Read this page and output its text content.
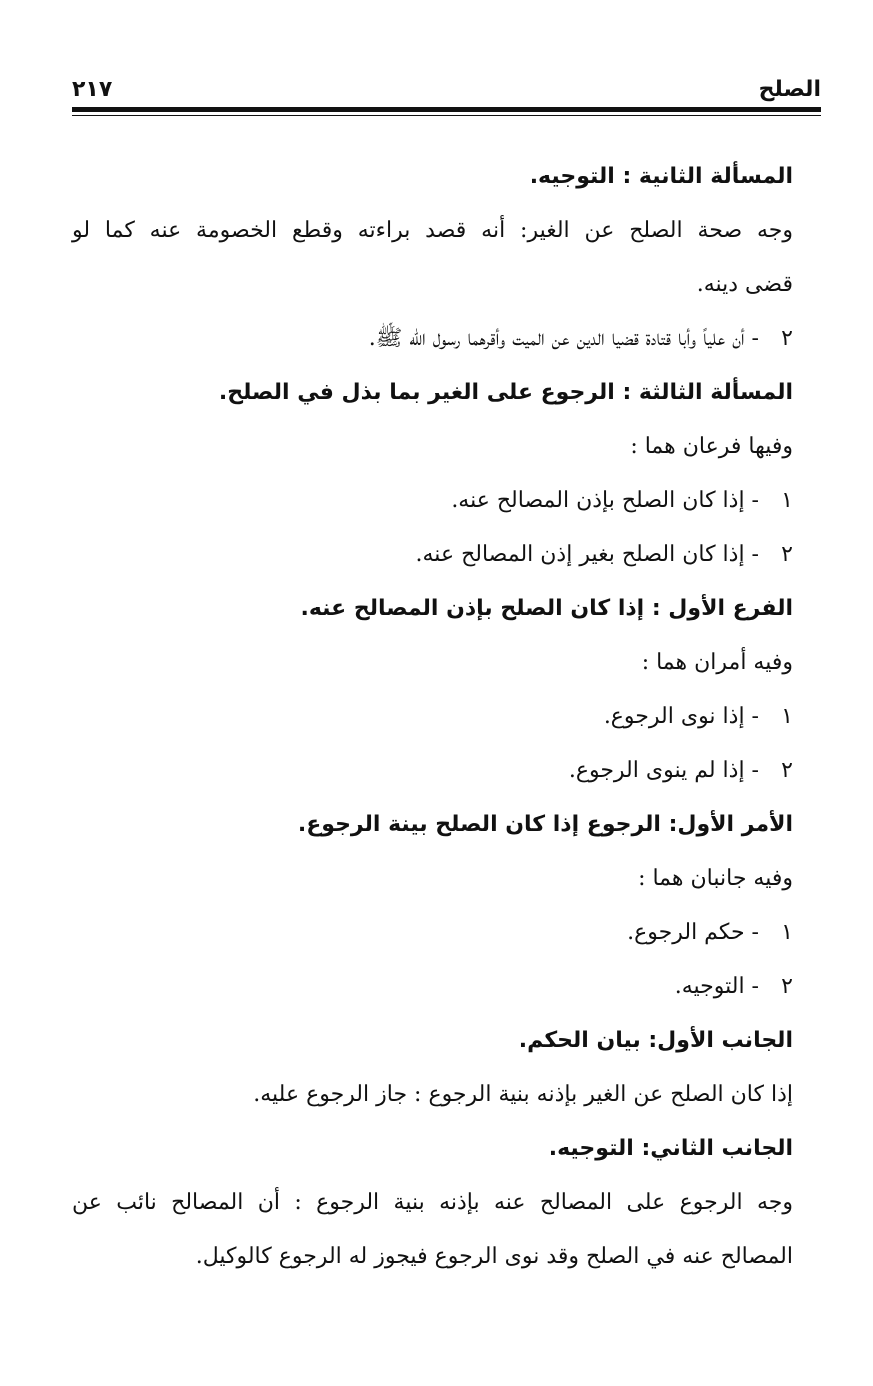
الصلح
٢١٧
المسألة الثانية : التوجيه.
وجه صحة الصلح عن الغير: أنه قصد براءته وقطع الخصومة عنه كما لو
قضى دينه.
٢- أن علياً وأبا قتادة قضيا الدين عن الميت وأقرهما رسول الله ﷺ.
المسألة الثالثة : الرجوع على الغير بما بذل في الصلح.
وفيها فرعان هما :
١- إذا كان الصلح بإذن المصالح عنه.
٢- إذا كان الصلح بغير إذن المصالح عنه.
الفرع الأول : إذا كان الصلح بإذن المصالح عنه.
وفيه أمران هما :
١- إذا نوى الرجوع.
٢- إذا لم ينوى الرجوع.
الأمر الأول: الرجوع إذا كان الصلح بينة الرجوع.
وفيه جانبان هما :
١- حكم الرجوع.
٢- التوجيه.
الجانب الأول: بيان الحكم.
إذا كان الصلح عن الغير بإذنه بنية الرجوع : جاز الرجوع عليه.
الجانب الثاني: التوجيه.
وجه الرجوع على المصالح عنه بإذنه بنية الرجوع : أن المصالح نائب عن
المصالح عنه في الصلح وقد نوى الرجوع فيجوز له الرجوع كالوكيل.
